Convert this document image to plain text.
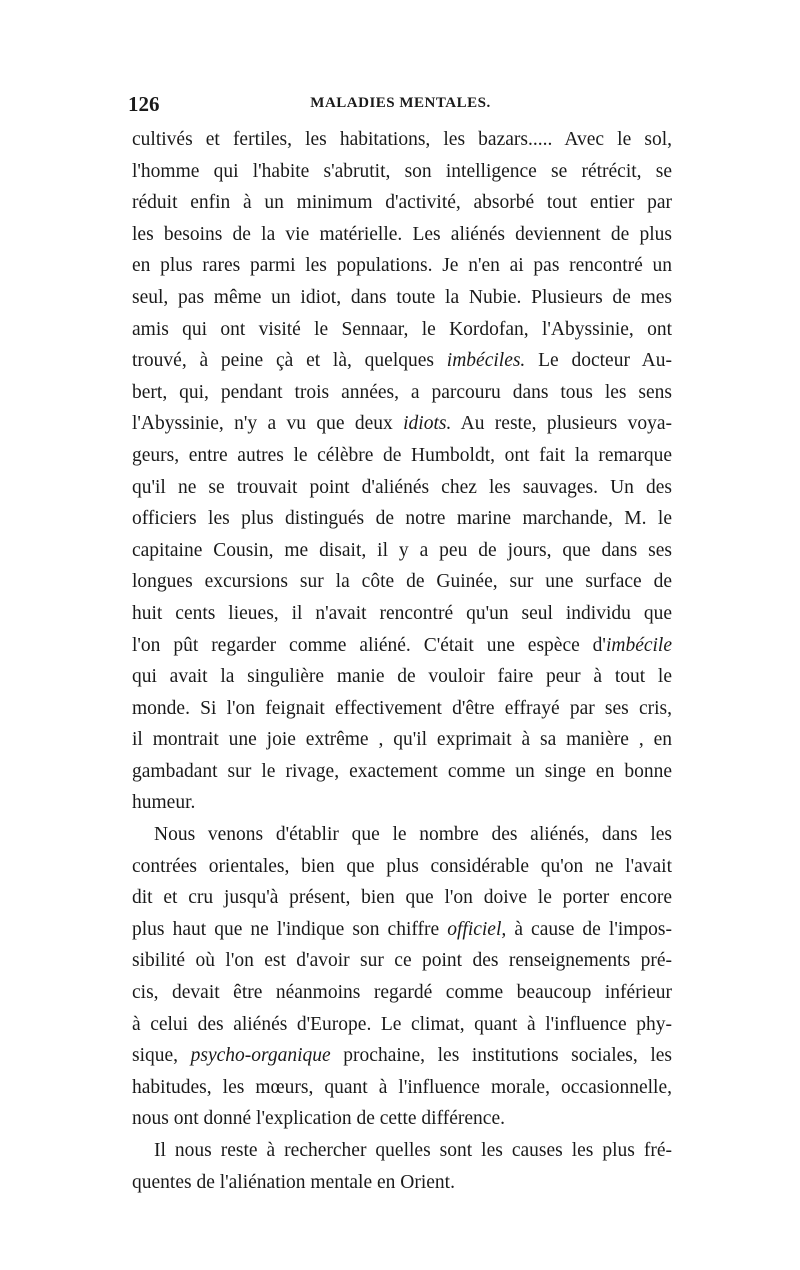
126	MALADIES MENTALES.
cultivés et fertiles, les habitations, les bazars..... Avec le sol,
l'homme qui l'habite s'abrutit, son intelligence se rétrécit, se
réduit enfin à un minimum d'activité, absorbé tout entier par
les besoins de la vie matérielle. Les aliénés deviennent de plus
en plus rares parmi les populations. Je n'en ai pas rencontré un
seul, pas même un idiot, dans toute la Nubie. Plusieurs de mes
amis qui ont visité le Sennaar, le Kordofan, l'Abyssinie, ont
trouvé, à peine çà et là, quelques imbéciles. Le docteur Au-
bert, qui, pendant trois années, a parcouru dans tous les sens
l'Abyssinie, n'y a vu que deux idiots. Au reste, plusieurs voya-
geurs, entre autres le célèbre de Humboldt, ont fait la remarque
qu'il ne se trouvait point d'aliénés chez les sauvages. Un des
officiers les plus distingués de notre marine marchande, M. le
capitaine Cousin, me disait, il y a peu de jours, que dans ses
longues excursions sur la côte de Guinée, sur une surface de
huit cents lieues, il n'avait rencontré qu'un seul individu que
l'on pût regarder comme aliéné. C'était une espèce d'imbécile
qui avait la singulière manie de vouloir faire peur à tout le
monde. Si l'on feignait effectivement d'être effrayé par ses cris,
il montrait une joie extrême , qu'il exprimait à sa manière , en
gambadant sur le rivage, exactement comme un singe en bonne
humeur.
Nous venons d'établir que le nombre des aliénés, dans les
contrées orientales, bien que plus considérable qu'on ne l'avait
dit et cru jusqu'à présent, bien que l'on doive le porter encore
plus haut que ne l'indique son chiffre officiel, à cause de l'impos-
sibilité où l'on est d'avoir sur ce point des renseignements pré-
cis, devait être néanmoins regardé comme beaucoup inférieur
à celui des aliénés d'Europe. Le climat, quant à l'influence phy-
sique, psycho-organique prochaine, les institutions sociales, les
habitudes, les mœurs, quant à l'influence morale, occasionnelle,
nous ont donné l'explication de cette différence.
Il nous reste à rechercher quelles sont les causes les plus fré-
quentes de l'aliénation mentale en Orient.
